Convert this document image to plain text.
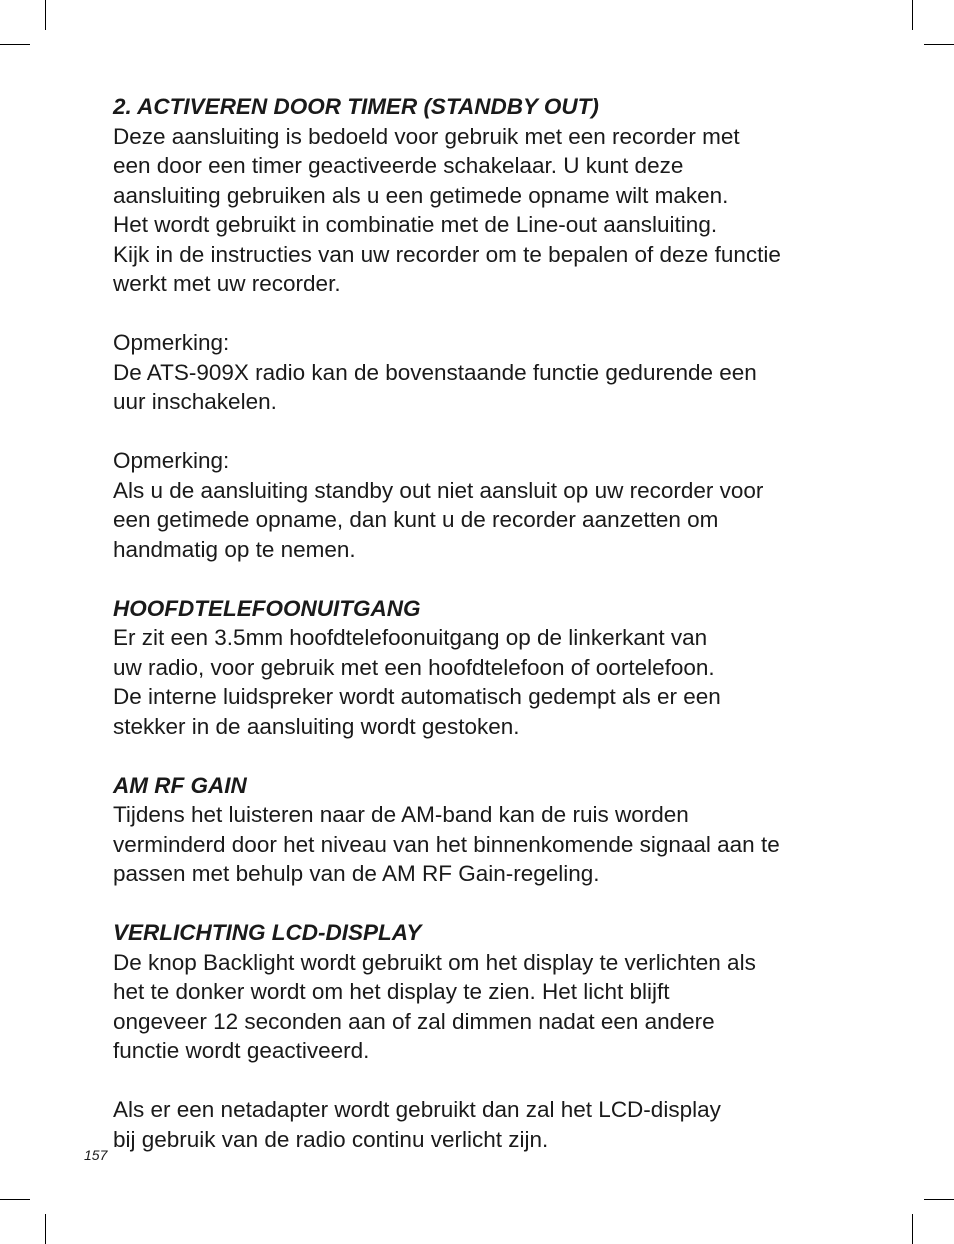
2. ACTIVEREN DOOR TIMER (STANDBY OUT)
Deze aansluiting is bedoeld voor gebruik met een recorder met
een door een timer geactiveerde schakelaar. U kunt deze
aansluiting gebruiken als u een getimede opname wilt maken.
Het wordt gebruikt in combinatie met de Line-out aansluiting.
Kijk in de instructies van uw recorder om te bepalen of deze functie
werkt met uw recorder.
Opmerking:
De ATS-909X radio kan de bovenstaande functie gedurende een
uur inschakelen.
Opmerking:
Als u de aansluiting standby out niet aansluit op uw recorder voor
een getimede opname, dan kunt u de recorder aanzetten om
handmatig op te nemen.
HOOFDTELEFOONUITGANG
Er zit een 3.5mm hoofdtelefoonuitgang op de linkerkant van
uw radio, voor gebruik met een hoofdtelefoon of oortelefoon.
De interne luidspreker wordt automatisch gedempt als er een
stekker in de aansluiting wordt gestoken.
AM RF GAIN
Tijdens het luisteren naar de AM-band kan de ruis worden
verminderd door het niveau van het binnenkomende signaal aan te
passen met behulp van de AM RF Gain-regeling.
VERLICHTING LCD-DISPLAY
De knop Backlight wordt gebruikt om het display te verlichten als
het te donker wordt om het display te zien. Het licht blijft
ongeveer 12 seconden aan of zal dimmen nadat een andere
functie wordt geactiveerd.
Als er een netadapter wordt gebruikt dan zal het LCD-display
bij gebruik van de radio continu verlicht zijn.
157
